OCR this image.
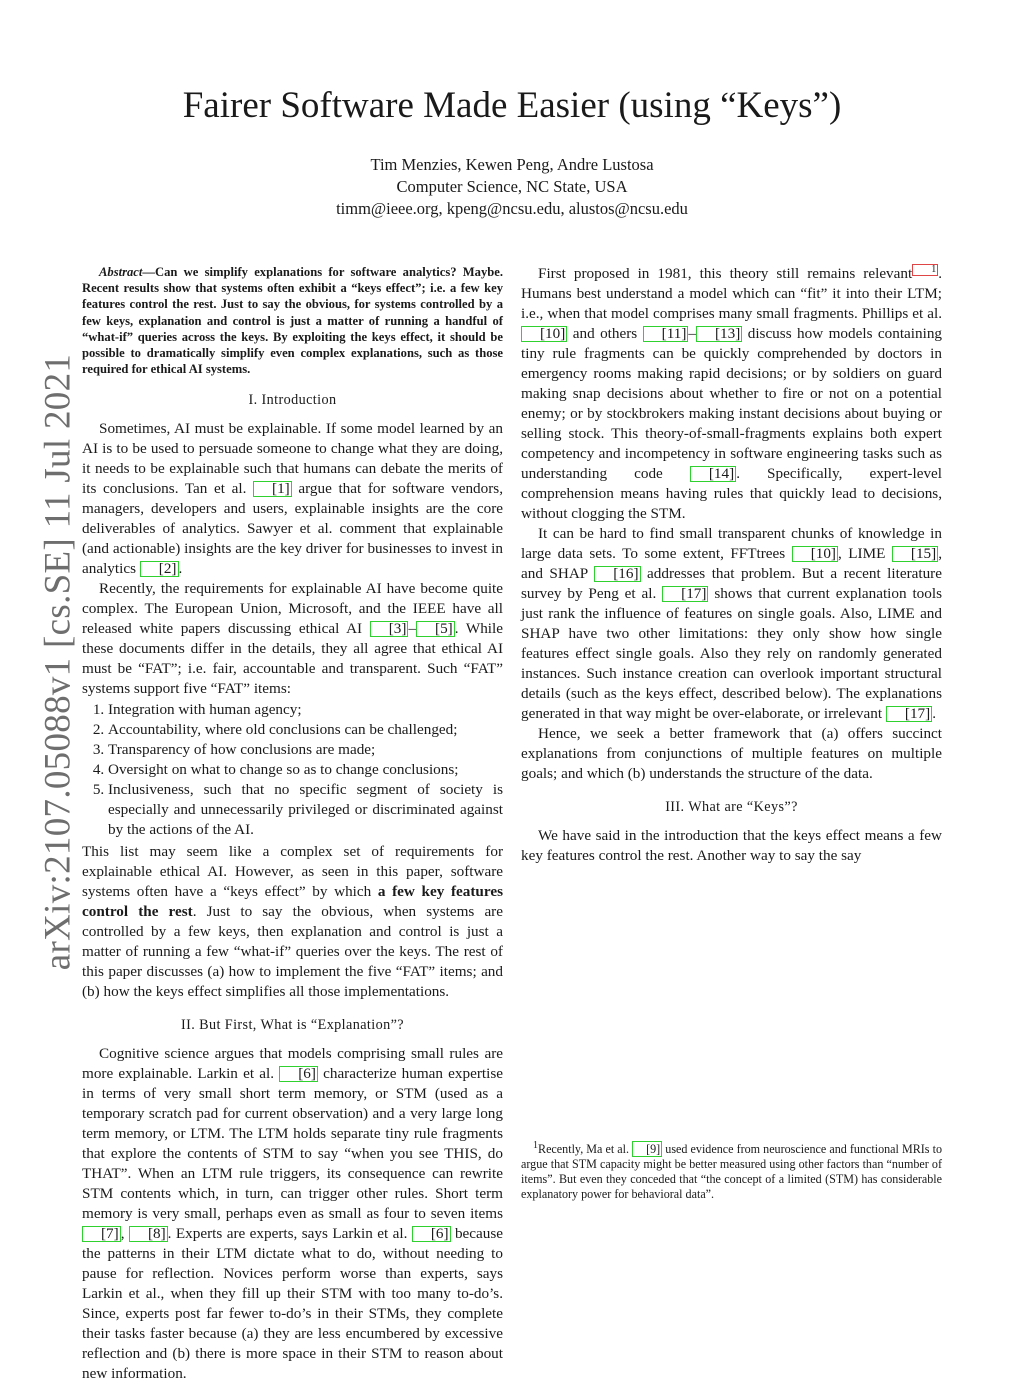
arXiv:2107.05088v1 [cs.SE] 11 Jul 2021
Fairer Software Made Easier (using “Keys”)
Tim Menzies, Kewen Peng, Andre Lustosa
Computer Science, NC State, USA
timm@ieee.org, kpeng@ncsu.edu, alustos@ncsu.edu

Abstract—Can we simplify explanations for software analytics? Maybe. Recent results show that systems often exhibit a “keys effect”; i.e. a few key features control the rest. Just to say the obvious, for systems controlled by a few keys, explanation and control is just a matter of running a handful of “what-if” queries across the keys. By exploiting the keys effect, it should be possible to dramatically simplify even complex explanations, such as those required for ethical AI systems.

I. Introduction

Sometimes, AI must be explainable. If some model learned by an AI is to be used to persuade someone to change what they are doing, it needs to be explainable such that humans can debate the merits of its conclusions. Tan et al. [1] argue that for software vendors, managers, developers and users, explainable insights are the core deliverables of analytics. Sawyer et al. comment that explainable (and actionable) insights are the key driver for businesses to invest in analytics [2] .

Recently, the requirements for explainable AI have become quite complex. The European Union, Microsoft, and the IEEE have all released white papers discussing ethical AI [3] – [5] . While these documents differ in the details, they all agree that ethical AI must be “FAT”; i.e. fair, accountable and transparent. Such “FAT” systems support five “FAT” items:

1. Integration with human agency;
2. Accountability, where old conclusions can be challenged;
3. Transparency of how conclusions are made;
4. Oversight on what to change so as to change conclusions;
5. Inclusiveness, such that no specific segment of society is especially and unnecessarily privileged or discriminated against by the actions of the AI.

This list may seem like a complex set of requirements for explainable ethical AI. However, as seen in this paper, software systems often have a “keys effect” by which a few key features control the rest. Just to say the obvious, when systems are controlled by a few keys, then explanation and control is just a matter of running a few “what-if” queries over the keys. The rest of this paper discusses (a) how to implement the five “FAT” items; and (b) how the keys effect simplifies all those implementations.

II. But First, What is “Explanation”?

Cognitive science argues that models comprising small rules are more explainable. Larkin et al. [6] characterize human expertise in terms of very small short term memory, or STM (used as a temporary scratch pad for current observation) and a very large long term memory, or LTM. The LTM holds separate tiny rule fragments that explore the contents of STM to say “when you see THIS, do THAT”. When an LTM rule triggers, its consequence can rewrite STM contents which, in turn, can trigger other rules. Short term memory is very small, perhaps even as small as four to seven items [7] , [8] . Experts are experts, says Larkin et al. [6] because the patterns in their LTM dictate what to do, without needing to pause for reflection. Novices perform worse than experts, says Larkin et al., when they fill up their STM with too many to-do’s. Since, experts post far fewer to-do’s in their STMs, they complete their tasks faster because (a) they are less encumbered by excessive reflection and (b) there is more space in their STM to reason about new information.

First proposed in 1981, this theory still remains relevant $^1$ . Humans best understand a model which can “fit” it into their LTM; i.e., when that model comprises many small fragments. Phillips et al. [10] and others [11] – [13] discuss how models containing tiny rule fragments can be quickly comprehended by doctors in emergency rooms making rapid decisions; or by soldiers on guard making snap decisions about whether to fire or not on a potential enemy; or by stockbrokers making instant decisions about buying or selling stock. This theory-of-small-fragments explains both expert competency and incompetency in software engineering tasks such as understanding code [14] . Specifically, expert-level comprehension means having rules that quickly lead to decisions, without clogging the STM.

It can be hard to find small transparent chunks of knowledge in large data sets. To some extent, FFTtrees [10] , LIME [15] , and SHAP [16] addresses that problem. But a recent literature survey by Peng et al. [17] shows that current explanation tools just rank the influence of features on single goals. Also, LIME and SHAP have two other limitations: they only show how single features effect single goals. Also they rely on randomly generated instances. Such instance creation can overlook important structural details (such as the keys effect, described below). The explanations generated in that way might be over-elaborate, or irrelevant [17] .

Hence, we seek a better framework that (a) offers succinct explanations from conjunctions of multiple features on multiple goals; and which (b) understands the structure of the data.

III. What are “Keys”?

We have said in the introduction that the keys effect means a few key features control the rest. Another way to say the say

$^1$Recently, Ma et al. [9] used evidence from neuroscience and functional MRIs to argue that STM capacity might be better measured using other factors than “number of items”. But even they conceded that “the concept of a limited (STM) has considerable explanatory power for behavioral data”.
